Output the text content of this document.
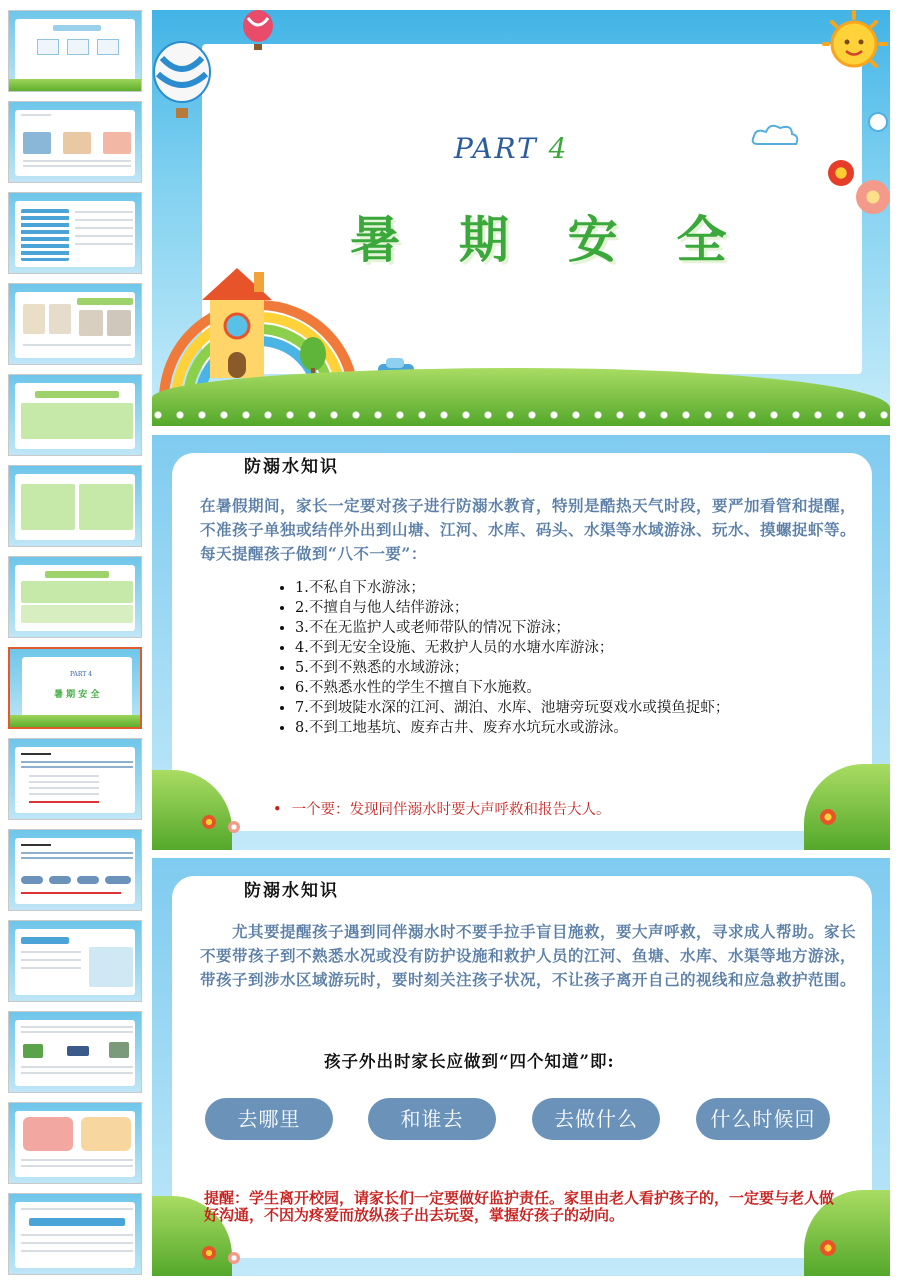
PART 4
暑 期 安 全
PART 4
暑  期  安  全
防溺水知识
在暑假期间，家长一定要对孩子进行防溺水教育，特别是酷热天气时段，要严加看管和提醒，不准孩子单独或结伴外出到山塘、江河、水库、码头、水渠等水域游泳、玩水、摸螺捉虾等。每天提醒孩子做到“八不一要”：
• 1.不私自下水游泳；
• 2.不擅自与他人结伴游泳；
• 3.不在无监护人或老师带队的情况下游泳；
• 4.不到无安全设施、无救护人员的水塘水库游泳；
• 5.不到不熟悉的水域游泳；
• 6.不熟悉水性的学生不擅自下水施救。
• 7.不到坡陡水深的江河、湖泊、水库、池塘旁玩耍戏水或摸鱼捉虾；
• 8.不到工地基坑、废弃古井、废弃水坑玩水或游泳。
• 一个要：发现同伴溺水时要大声呼救和报告大人。
防溺水知识
尤其要提醒孩子遇到同伴溺水时不要手拉手盲目施救，要大声呼救，寻求成人帮助。家长不要带孩子到不熟悉水况或没有防护设施和救护人员的江河、鱼塘、水库、水渠等地方游泳，带孩子到涉水区域游玩时，要时刻关注孩子状况，不让孩子离开自己的视线和应急救护范围。
孩子外出时家长应做到“四个知道”即:
去哪里	和谁去	去做什么	什么时候回
提醒：学生离开校园，请家长们一定要做好监护责任。家里由老人看护孩子的，一定要与老人做好沟通，不因为疼爱而放纵孩子出去玩耍，掌握好孩子的动向。
